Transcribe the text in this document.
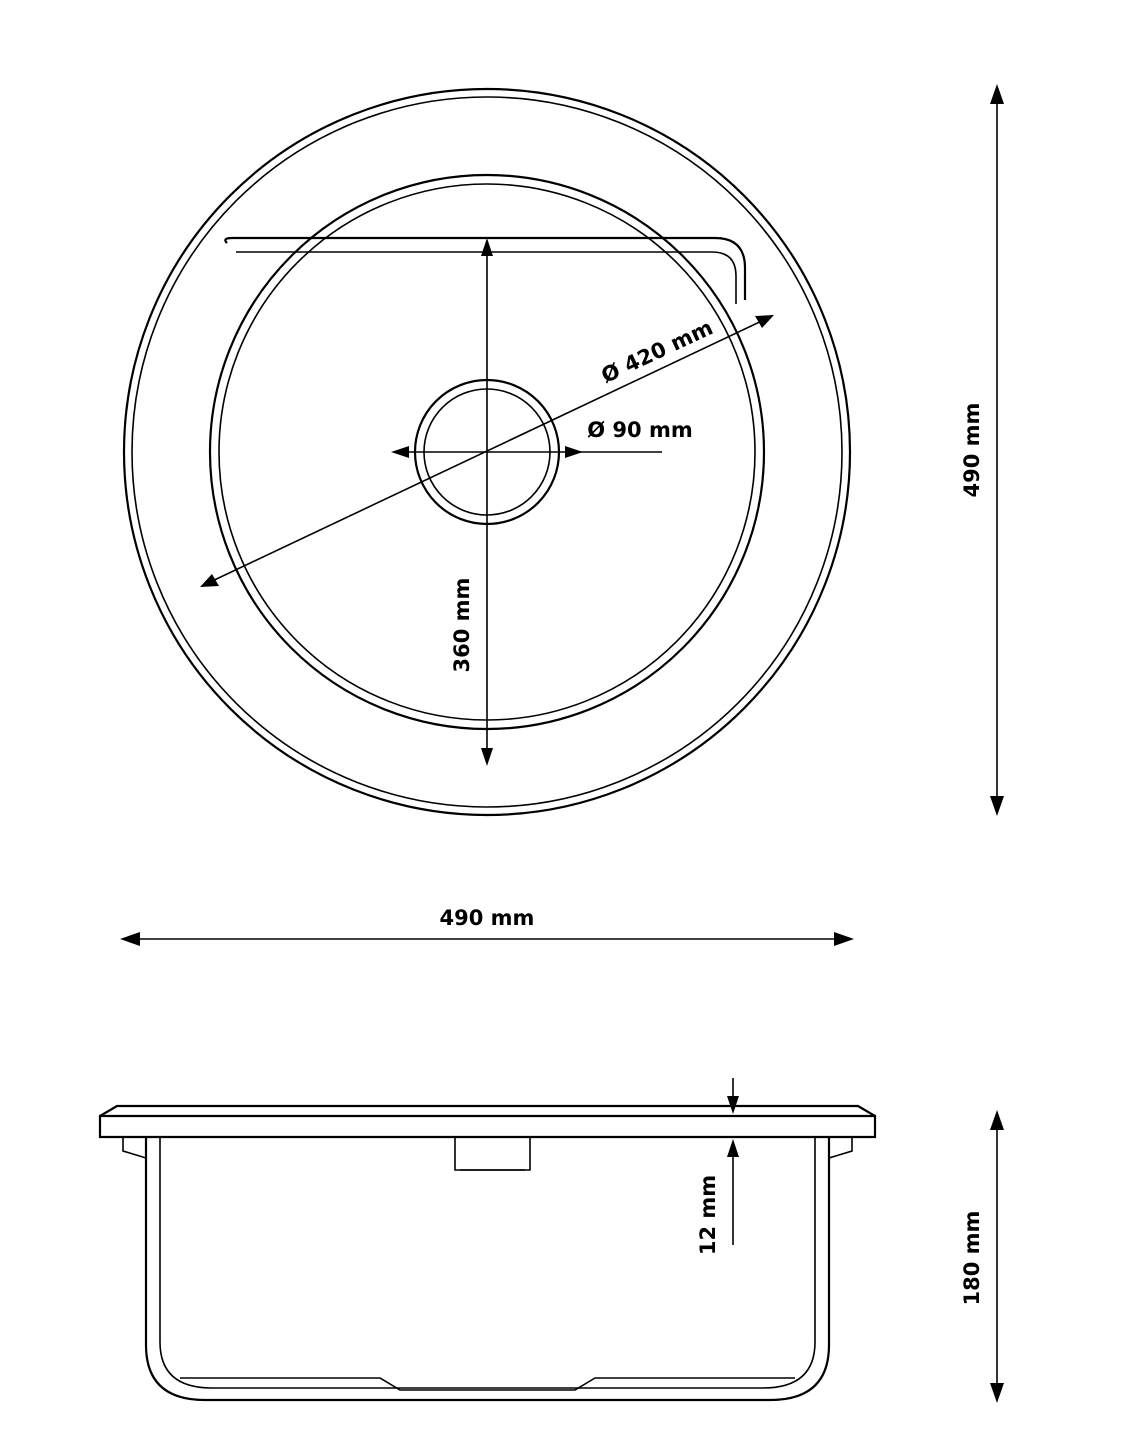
360 mm
Ø 420 mm
Ø 90 mm	490 mm
490 mm
12 mm	180 mm
